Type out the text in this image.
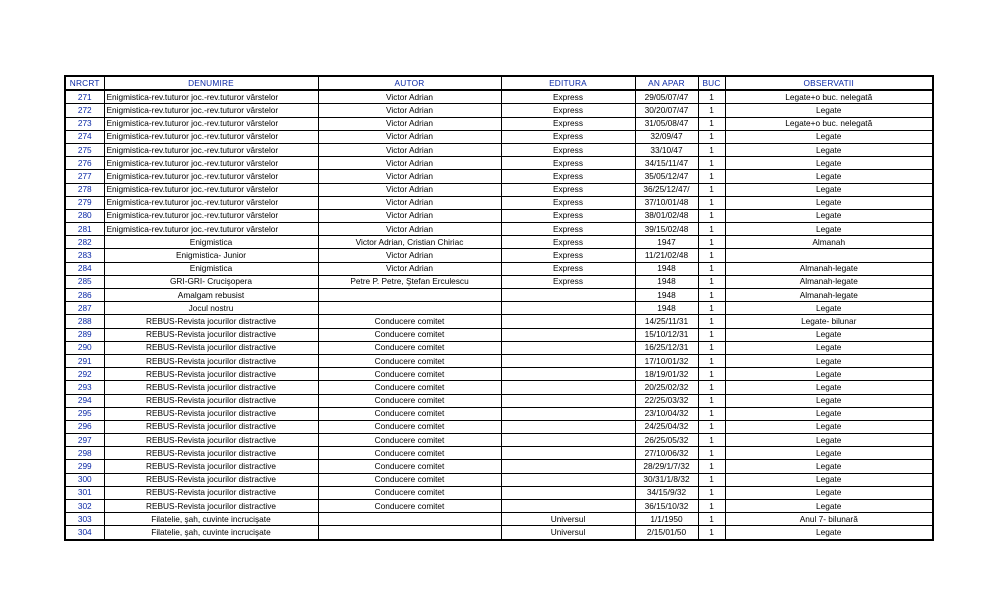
NRCRT	DENUMIRE	AUTOR	EDITURA	AN APAR	BUC	OBSERVATII
271	Enigmistica-rev.tuturor joc.-rev.tuturor vârstelor	Victor Adrian	Express	29/05/07/47	1	Legate+o buc. nelegată
272	Enigmistica-rev.tuturor joc.-rev.tuturor vârstelor	Victor Adrian	Express	30/20/07/47	1	Legate
273	Enigmistica-rev.tuturor joc.-rev.tuturor vârstelor	Victor Adrian	Express	31/05/08/47	1	Legate+o buc. nelegată
274	Enigmistica-rev.tuturor joc.-rev.tuturor vârstelor	Victor Adrian	Express	32/09/47	1	Legate
275	Enigmistica-rev.tuturor joc.-rev.tuturor vârstelor	Victor Adrian	Express	33/10/47	1	Legate
276	Enigmistica-rev.tuturor joc.-rev.tuturor vârstelor	Victor Adrian	Express	34/15/11/47	1	Legate
277	Enigmistica-rev.tuturor joc.-rev.tuturor vârstelor	Victor Adrian	Express	35/05/12/47	1	Legate
278	Enigmistica-rev.tuturor joc.-rev.tuturor vârstelor	Victor Adrian	Express	36/25/12/47/	1	Legate
279	Enigmistica-rev.tuturor joc.-rev.tuturor vârstelor	Victor Adrian	Express	37/10/01/48	1	Legate
280	Enigmistica-rev.tuturor joc.-rev.tuturor vârstelor	Victor Adrian	Express	38/01/02/48	1	Legate
281	Enigmistica-rev.tuturor joc.-rev.tuturor vârstelor	Victor Adrian	Express	39/15/02/48	1	Legate
282	Enigmistica	Victor Adrian, Cristian Chiriac	Express	1947	1	Almanah
283	Enigmistica- Junior	Victor Adrian	Express	11/21/02/48	1	
284	Enigmistica	Victor Adrian	Express	1948	1	Almanah-legate
285	GRI-GRI- Crucişopera	Petre P. Petre, Ştefan Erculescu	Express	1948	1	Almanah-legate
286	Amalgam rebusist			1948	1	Almanah-legate
287	Jocul nostru			1948	1	Legate
288	REBUS-Revista jocurilor distractive	Conducere comitet		14/25/11/31	1	Legate- bilunar
289	REBUS-Revista jocurilor distractive	Conducere comitet		15/10/12/31	1	Legate
290	REBUS-Revista jocurilor distractive	Conducere comitet		16/25/12/31	1	Legate
291	REBUS-Revista jocurilor distractive	Conducere comitet		17/10/01/32	1	Legate
292	REBUS-Revista jocurilor distractive	Conducere comitet		18/19/01/32	1	Legate
293	REBUS-Revista jocurilor distractive	Conducere comitet		20/25/02/32	1	Legate
294	REBUS-Revista jocurilor distractive	Conducere comitet		22/25/03/32	1	Legate
295	REBUS-Revista jocurilor distractive	Conducere comitet		23/10/04/32	1	Legate
296	REBUS-Revista jocurilor distractive	Conducere comitet		24/25/04/32	1	Legate
297	REBUS-Revista jocurilor distractive	Conducere comitet		26/25/05/32	1	Legate
298	REBUS-Revista jocurilor distractive	Conducere comitet		27/10/06/32	1	Legate
299	REBUS-Revista jocurilor distractive	Conducere comitet		28/29/1/7/32	1	Legate
300	REBUS-Revista jocurilor distractive	Conducere comitet		30/31/1/8/32	1	Legate
301	REBUS-Revista jocurilor distractive	Conducere comitet		34/15/9/32	1	Legate
302	REBUS-Revista jocurilor distractive	Conducere comitet		36/15/10/32	1	Legate
303	Filatelie, şah, cuvinte incrucişate		Universul	1/1/1950	1	Anul 7- bilunară
304	Filatelie, şah, cuvinte incrucişate		Universul	2/15/01/50	1	Legate
